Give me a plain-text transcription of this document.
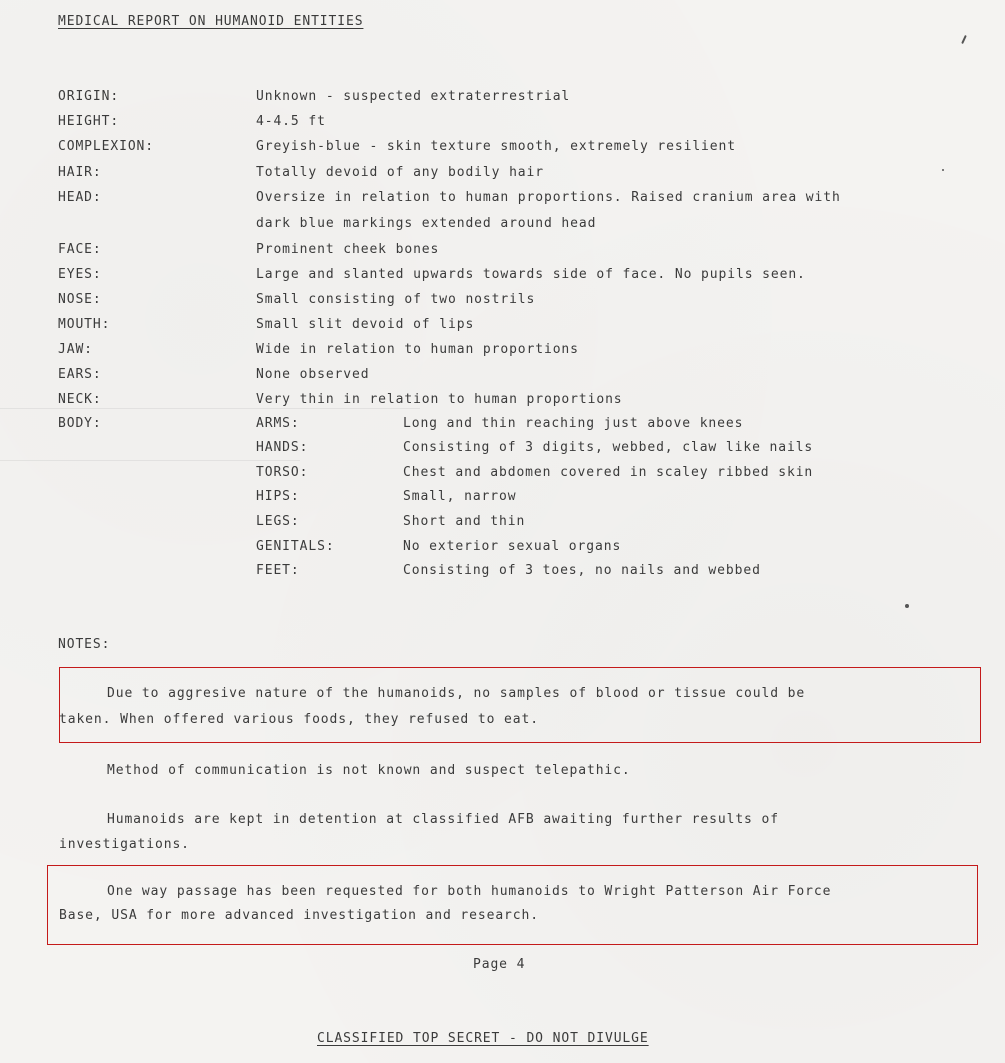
MEDICAL REPORT ON HUMANOID ENTITIES
ORIGIN:
HEIGHT:
COMPLEXION:
HAIR:
HEAD:
FACE:
EYES:
NOSE:
MOUTH:
JAW:
EARS:
NECK:
BODY:
Unknown - suspected extraterrestrial
4-4.5 ft
Greyish-blue - skin texture smooth, extremely resilient
Totally devoid of any bodily hair
Oversize in relation to human proportions. Raised cranium area with
dark blue markings extended around head
Prominent cheek bones
Large and slanted upwards towards side of face. No pupils seen.
Small consisting of two nostrils
Small slit devoid of lips
Wide in relation to human proportions
None observed
Very thin in relation to human proportions
ARMS:
HANDS:
TORSO:
HIPS:
LEGS:
GENITALS:
FEET:
Long and thin reaching just above knees
Consisting of 3 digits, webbed, claw like nails
Chest and abdomen covered in scaley ribbed skin
Small, narrow
Short and thin
No exterior sexual organs
Consisting of 3 toes, no nails and webbed
NOTES:
Due to aggresive nature of the humanoids, no samples of blood or tissue could be
taken. When offered various foods, they refused to eat.
Method of communication is not known and suspect telepathic.
Humanoids are kept in detention at classified AFB awaiting further results of
investigations.
One way passage has been requested for both humanoids to Wright Patterson Air Force
Base, USA for more advanced investigation and research.
Page 4
CLASSIFIED TOP SECRET - DO NOT DIVULGE
